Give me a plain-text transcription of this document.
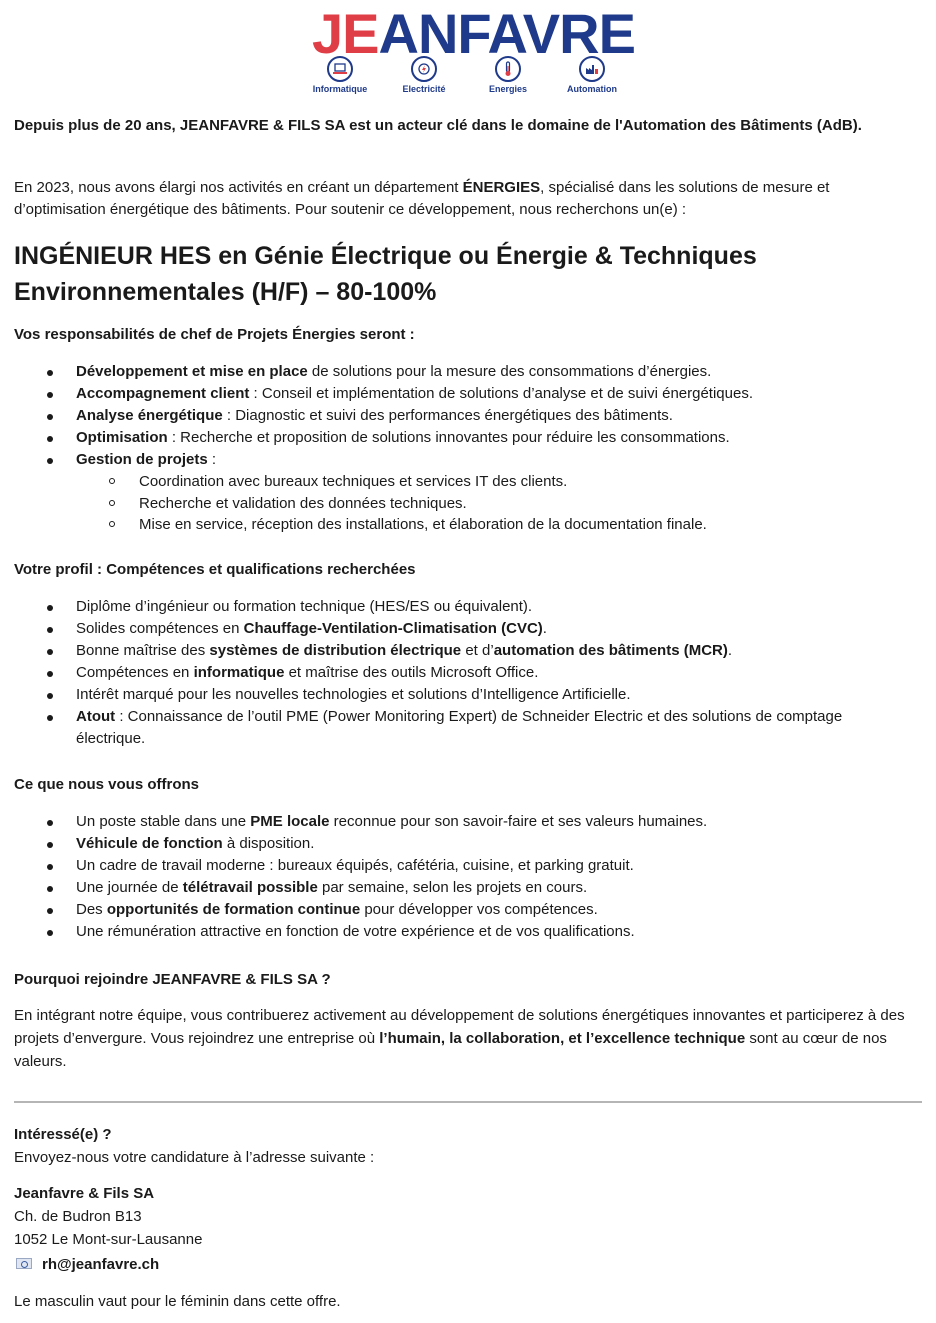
JEANFAVRE
Informatique	Electricité	Energies	Automation
Depuis plus de 20 ans, JEANFAVRE & FILS SA est un acteur clé dans le domaine de l'Automation des Bâtiments (AdB).
En 2023, nous avons élargi nos activités en créant un département ÉNERGIES, spécialisé dans les solutions de mesure et d’optimisation énergétique des bâtiments. Pour soutenir ce développement, nous recherchons un(e) :
INGÉNIEUR HES en Génie Électrique ou Énergie & Techniques
Environnementales (H/F) – 80-100%
Vos responsabilités de chef de Projets Énergies seront :
Développement et mise en place de solutions pour la mesure des consommations d’énergies.
Accompagnement client : Conseil et implémentation de solutions d’analyse et de suivi énergétiques.
Analyse énergétique : Diagnostic et suivi des performances énergétiques des bâtiments.
Optimisation : Recherche et proposition de solutions innovantes pour réduire les consommations.
Gestion de projets :
Coordination avec bureaux techniques et services IT des clients.
Recherche et validation des données techniques.
Mise en service, réception des installations, et élaboration de la documentation finale.
Votre profil : Compétences et qualifications recherchées
Diplôme d’ingénieur ou formation technique (HES/ES ou équivalent).
Solides compétences en Chauffage-Ventilation-Climatisation (CVC).
Bonne maîtrise des systèmes de distribution électrique et d’automation des bâtiments (MCR).
Compétences en informatique et maîtrise des outils Microsoft Office.
Intérêt marqué pour les nouvelles technologies et solutions d’Intelligence Artificielle.
Atout : Connaissance de l’outil PME (Power Monitoring Expert) de Schneider Electric et des solutions de comptage électrique.
Ce que nous vous offrons
Un poste stable dans une PME locale reconnue pour son savoir-faire et ses valeurs humaines.
Véhicule de fonction à disposition.
Un cadre de travail moderne : bureaux équipés, cafétéria, cuisine, et parking gratuit.
Une journée de télétravail possible par semaine, selon les projets en cours.
Des opportunités de formation continue pour développer vos compétences.
Une rémunération attractive en fonction de votre expérience et de vos qualifications.
Pourquoi rejoindre JEANFAVRE & FILS SA ?
En intégrant notre équipe, vous contribuerez activement au développement de solutions énergétiques innovantes et participerez à des projets d’envergure. Vous rejoindrez une entreprise où l’humain, la collaboration, et l’excellence technique sont au cœur de nos valeurs.
Intéressé(e) ?
Envoyez-nous votre candidature à l’adresse suivante :
Jeanfavre & Fils SA
Ch. de Budron B13
1052 Le Mont-sur-Lausanne
rh@jeanfavre.ch
Le masculin vaut pour le féminin dans cette offre.
